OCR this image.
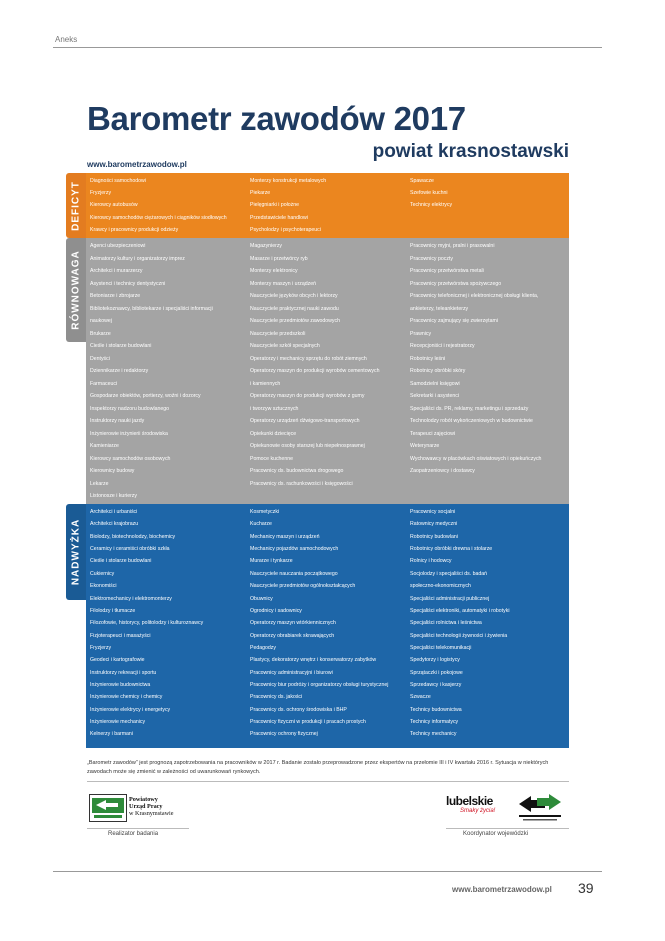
Aneks
Barometr zawodów 2017
powiat krasnostawski
www.barometrzawodow.pl
Diagności samochodowi
Fryzjerzy
Kierowcy autobusów
Kierowcy samochodów ciężarowych i ciągników siodłowych
Krawcy i pracownicy produkcji odzieży
Monterzy konstrukcji metalowych
Piekarze
Pielęgniarki i położne
Przedstawiciele handlowi
Psycholodzy i psychoterapeuci
Spawacze
Szefowie kuchni
Technicy elektrycy
DEFICYT
Agenci ubezpieczeniowi
Animatorzy kultury i organizatorzy imprez
Architekci i murarzerzy
Asystenci i technicy dentystyczni
Betoniarze i zbrojarze
Bibliotekoznawcy, bibliotekarze i specjaliści informacji
naukowej
Brukarze
Cieśle i stolarze budowlani
Dentyści
Dziennikarze i redaktorzy
Farmaceuci
Gospodarze obiektów, portierzy, woźni i dozorcy
Inspektorzy nadzoru budowlanego
Instruktorzy nauki jazdy
Inżynierowie inżynierii środowiska
Kamieniarze
Kierowcy samochodów osobowych
Kierownicy budowy
Lekarze
Listonosze i kurierzy
Magazynierzy
Masarze i przetwórcy ryb
Monterzy elektronicy
Monterzy maszyn i urządzeń
Nauczyciele języków obcych i lektorzy
Nauczyciele praktycznej nauki zawodu
Nauczyciele przedmiotów zawodowych
Nauczyciele przedszkoli
Nauczyciele szkół specjalnych
Operatorzy i mechanicy sprzętu do robót ziemnych
Operatorzy maszyn do produkcji wyrobów cementowych
i kamiennych
Operatorzy maszyn do produkcji wyrobów z gumy
i tworzyw sztucznych
Operatorzy urządzeń dźwigowo-transportowych
Opiekunki dziecięce
Opiekunowie osoby starszej lub niepełnosprawnej
Pomoce kuchenne
Pracownicy ds. budownictwa drogowego
Pracownicy ds. rachunkowości i księgowości

Pracownicy myjni, pralni i prasowalni
Pracownicy poczty
Pracownicy przetwórstwa metali
Pracownicy przetwórstwa spożywczego
Pracownicy telefonicznej i elektronicznej obsługi klienta,
ankieterzy, teleankieterzy
Pracownicy zajmujący się zwierzętami
Prawnicy
Recepcjoniści i rejestratorzy
Robotnicy leśni
Robotnicy obróbki skóry
Samodzielni księgowi
Sekretarki i asystenci
Specjaliści ds. PR, reklamy, marketingu i sprzedaży
Technolodzy robót wykończeniowych w budownictwie
Terapeuci zajęciowi
Weterynarze
Wychowawcy w placówkach oświatowych i opiekuńczych
Zaopatrzeniowcy i dostawcy

RÓWNOWAGA
Architekci i urbaniści
Architekci krajobrazu
Biolodzy, biotechnolodzy, biochemicy
Ceramicy i ceramiści obróbki szkła
Cieśle i stolarze budowlani
Cukiernicy
Ekonomiści
Elektromechanicy i elektromonterzy
Filolodzy i tłumacze
Filozofowie, historycy, politolodzy i kulturoznawcy
Fizjoterapeuci i masażyści
Fryzjerzy
Geodeci i kartografowie
Instruktorzy rekreacji i sportu
Inżynierowie budownictwa
Inżynierowie chemicy i chemicy
Inżynierowie elektrycy i energetycy
Inżynierowie mechanicy
Kelnerzy i barmani
Kosmetyczki
Kucharze
Mechanicy maszyn i urządzeń
Mechanicy pojazdów samochodowych
Murarze i tynkarze
Nauczyciele nauczania początkowego
Nauczyciele przedmiotów ogólnokształcących
Obuwnicy
Ogrodnicy i sadownicy
Operatorzy maszyn wtórkiennicznych
Operatorzy obrabiarek skrawających
Pedagodzy
Plastycy, dekoratorzy wnętrz i konserwatorzy zabytków
Pracownicy administracyjni i biurowi
Pracownicy biur podróży i organizatorzy obsługi turystycznej
Pracownicy ds. jakości
Pracownicy ds. ochrony środowiska i BHP
Pracownicy fizyczni w produkcji i pracach prostych
Pracownicy ochrony fizycznej
Pracownicy socjalni
Ratownicy medyczni
Robotnicy budowlani
Robotnicy obróbki drewna i stolarze
Rolnicy i hodowcy
Socjolodzy i specjaliści ds. badań
społeczno-ekonomicznych
Specjaliści administracji publicznej
Specjaliści elektroniki, automatyki i robotyki
Specjaliści rolnictwa i leśnictwa
Specjaliści technologii żywności i żywienia
Specjaliści telekomunikacji
Spedytorzy i logistycy
Sprzątaczki i pokojowe
Sprzedawcy i kasjerzy
Szwacze
Technicy budownictwa
Technicy informatycy
Technicy mechanicy
NADWYŻKA
„Barometr zawodów” jest prognozą zapotrzebowania na pracowników w 2017 r. Badanie zostało przeprowadzone przez ekspertów na przełomie III i IV kwartału 2016 r. Sytuacja w niektórych zawodach może się zmienić w zależności od uwarunkowań rynkowych.
Powiatowy
Urząd Pracy
w Krasnymstawie
Realizator badania
lubelskie
Smaky życia!
Koordynator wojewódzki
www.barometrzawodow.pl 39
